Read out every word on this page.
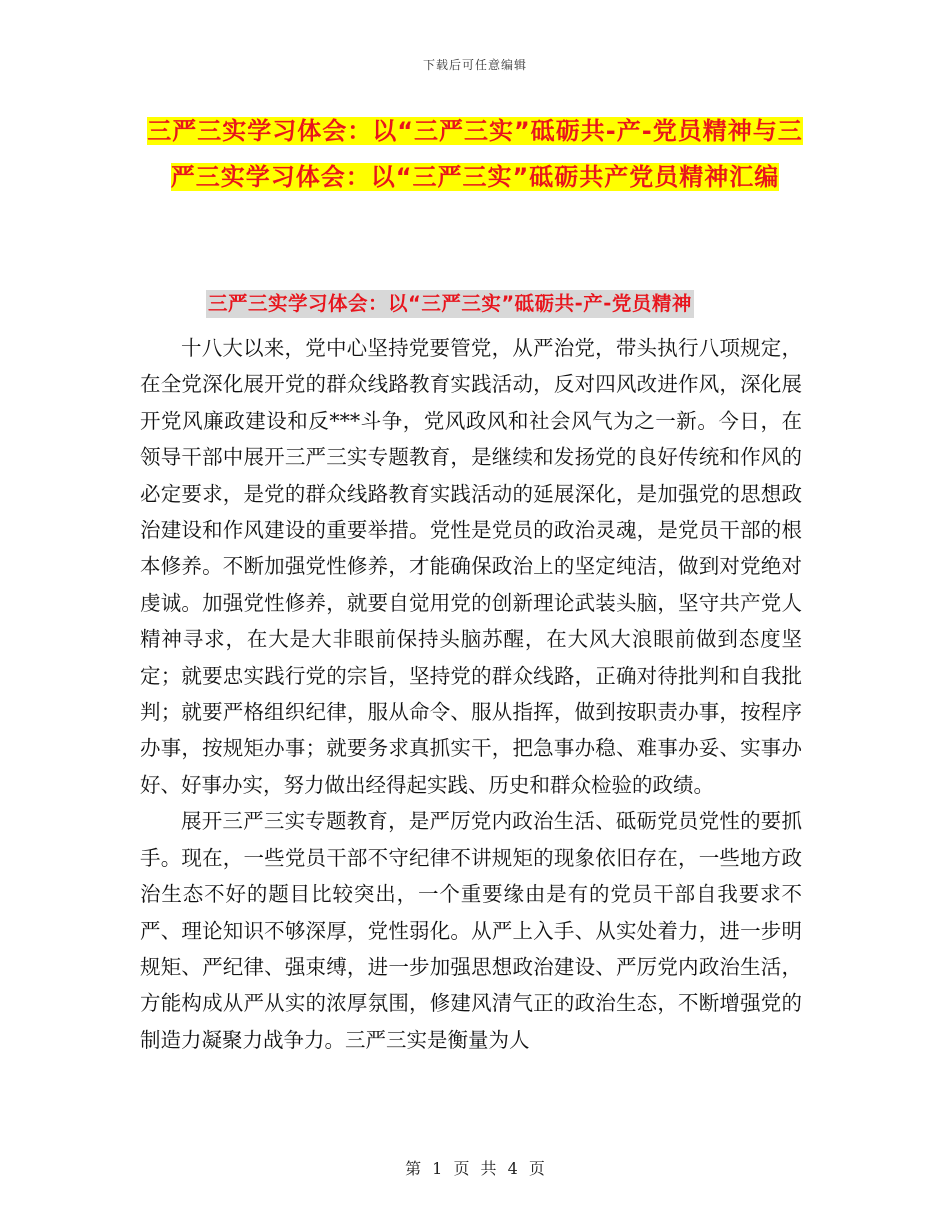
下载后可任意编辑
三严三实学习体会：以“三严三实”砥砺共-产-党员精神与三严三实学习体会：以“三严三实”砥砺共产党员精神汇编
三严三实学习体会：以“三严三实”砥砺共-产-党员精神

十八大以来，党中心坚持党要管党，从严治党，带头执行八项规定，在全党深化展开党的群众线路教育实践活动，反对四风改进作风，深化展开党风廉政建设和反***斗争，党风政风和社会风气为之一新。今日，在领导干部中展开三严三实专题教育，是继续和发扬党的良好传统和作风的必定要求，是党的群众线路教育实践活动的延展深化，是加强党的思想政治建设和作风建设的重要举措。党性是党员的政治灵魂，是党员干部的根本修养。不断加强党性修养，才能确保政治上的坚定纯洁，做到对党绝对虔诚。加强党性修养，就要自觉用党的创新理论武装头脑，坚守共产党人精神寻求，在大是大非眼前保持头脑苏醒，在大风大浪眼前做到态度坚定；就要忠实践行党的宗旨，坚持党的群众线路，正确对待批判和自我批判；就要严格组织纪律，服从命令、服从指挥，做到按职责办事，按程序办事，按规矩办事；就要务求真抓实干，把急事办稳、难事办妥、实事办好、好事办实，努力做出经得起实践、历史和群众检验的政绩。

展开三严三实专题教育，是严厉党内政治生活、砥砺党员党性的要抓手。现在，一些党员干部不守纪律不讲规矩的现象依旧存在，一些地方政治生态不好的题目比较突出，一个重要缘由是有的党员干部自我要求不严、理论知识不够深厚，党性弱化。从严上入手、从实处着力，进一步明规矩、严纪律、强束缚，进一步加强思想政治建设、严厉党内政治生活，方能构成从严从实的浓厚氛围，修建风清气正的政治生态，不断增强党的制造力凝聚力战争力。三严三实是衡量为人

第 1 页 共 4 页
